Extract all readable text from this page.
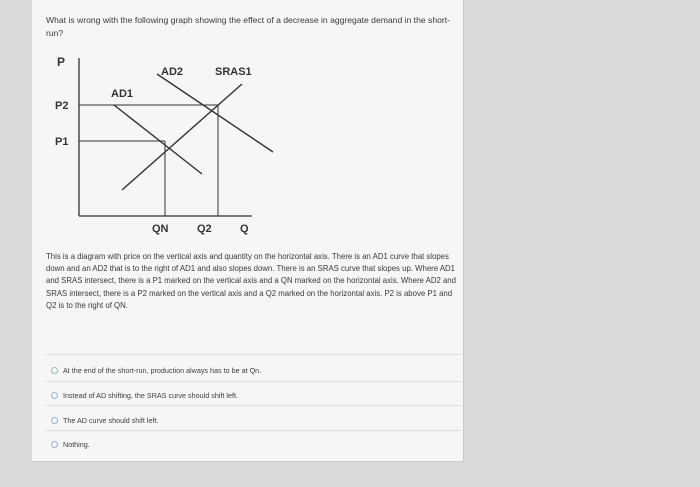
What is wrong with the following graph showing the effect of a decrease in aggregate demand in the short-run?
P
AD1
AD2	SRAS1
P2
P1
QN	Q2	Q
This is a diagram with price on the vertical axis and quantity on the horizontal axis. There is an AD1 curve that slopes down and an AD2 that is to the right of AD1 and also slopes down. There is an SRAS curve that slopes up. Where AD1 and SRAS intersect, there is a P1 marked on the vertical axis and a QN marked on the horizontal axis. Where AD2 and SRAS intersect, there is a P2 marked on the vertical axis and a Q2 marked on the horizontal axis. P2 is above P1 and Q2 is to the right of QN.
At the end of the short-run, production always has to be at Qn.
Instead of AD shifting, the SRAS curve should shift left.
The AD curve should shift left.
Nothing.
